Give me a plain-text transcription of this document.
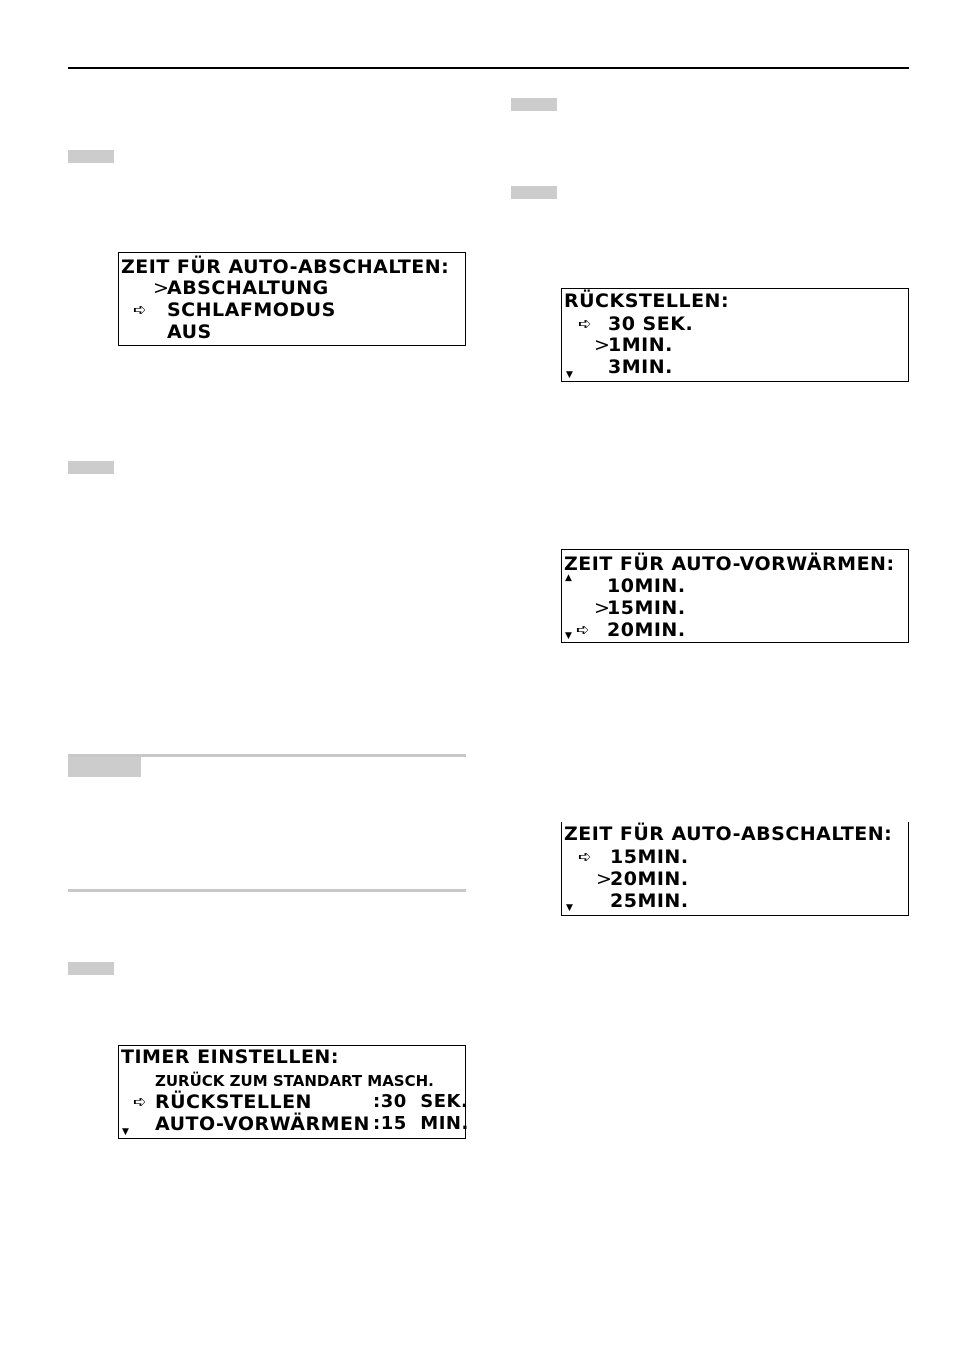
ZEIT FÜR AUTO-ABSCHALTEN:
>
ABSCHALTUNG
➪ SCHLAFMODUS
AUS
RÜCKSTELLEN:
➪ 30 SEK.
>
1MIN.
▼ 3MIN.
ZEIT FÜR AUTO-VORWÄRMEN:
▲ 10MIN.
>
15MIN.
▼ ➪ 20MIN.
ZEIT FÜR AUTO-ABSCHALTEN:
➪ 15MIN.
>
20MIN.
▼ 25MIN.
TIMER EINSTELLEN:
ZURÜCK ZUM STANDART MASCH.
➪ RÜCKSTELLEN	:30  SEK.
▼ AUTO-VORWÄRMEN :15  MIN.
